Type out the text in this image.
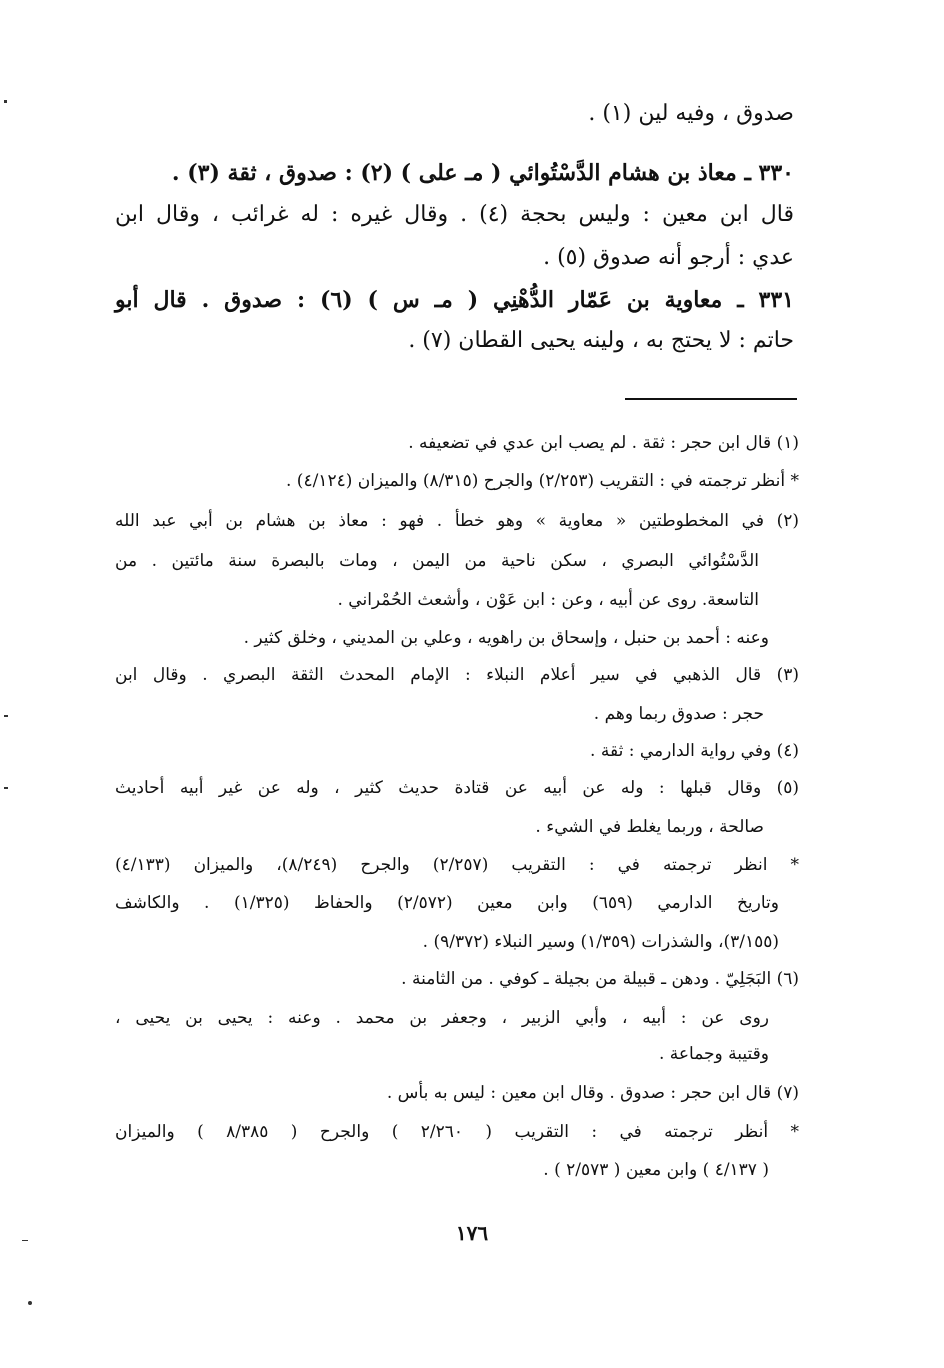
صدوق ، وفيه لين (١) .
٣٣٠ ـ معاذ بن هشام الدَّسْتُوائي ( مـ على ) (٢) : صدوق ، ثقة (٣) .
قال ابن معين : وليس بحجة (٤) . وقال غيره : له غرائب ، وقال ابن
عدي : أرجو أنه صدوق (٥) .
٣٣١ ـ معاوية بن عَمّار الدُّهْنِي ( مـ س ) (٦) : صدوق . قال أبو
حاتم : لا يحتج به ، ولينه يحيى القطان (٧) .
(١) قال ابن حجر : ثقة . لم يصب ابن عدي في تضعيفه .
* أنظر ترجمته في : التقريب (٢/٢٥٣) والجرح (٨/٣١٥) والميزان (٤/١٢٤) .
(٢) في المخطوطتين « معاوية » وهو خطأ . فهو : معاذ بن هشام بن أبي عبد الله
الدَّسْتُوائي البصري ، سكن ناحية من اليمن ، ومات بالبصرة سنة مائتين . من
التاسعة. روى عن أبيه ، وعن : ابن عَوْن ، وأشعث الحُمْراني .
وعنه : أحمد بن حنبل ، وإسحاق بن راهويه ، وعلي بن المديني ، وخلق كثير .
(٣) قال الذهبي في سير أعلام النبلاء : الإمام المحدث الثقة البصري . وقال ابن
حجر : صدوق ربما وهم .
(٤) وفي رواية الدارمي : ثقة .
(٥) وقال قبلها : وله عن أبيه عن قتادة حديث كثير ، وله عن غير أبيه أحاديث
صالحة ، وربما يغلط في الشيء .
* انظر ترجمته في : التقريب (٢/٢٥٧) والجرح (٨/٢٤٩)، والميزان (٤/١٣٣)
وتاريخ الدارمي (٦٥٩) وابن معين (٢/٥٧٢) والحفاظ (١/٣٢٥) . والكاشف
(٣/١٥٥)، والشذرات (١/٣٥٩) وسير النبلاء (٩/٣٧٢) .
(٦) البَجَلِيّ . ودهن ـ قبيلة من بجيلة ـ كوفي . من الثامنة .
روى عن : أبيه ، وأبي الزبير ، وجعفر بن محمد . وعنه : يحيى بن يحيى ،
وقتيبة وجماعة .
(٧) قال ابن حجر : صدوق . وقال ابن معين : ليس به بأس .
* أنظر ترجمته في : التقريب ( ٢/٢٦٠ ) والجرح ( ٨/٣٨٥ ) والميزان
( ٤/١٣٧ ) وابن معين ( ٢/٥٧٣ ) .
١٧٦
